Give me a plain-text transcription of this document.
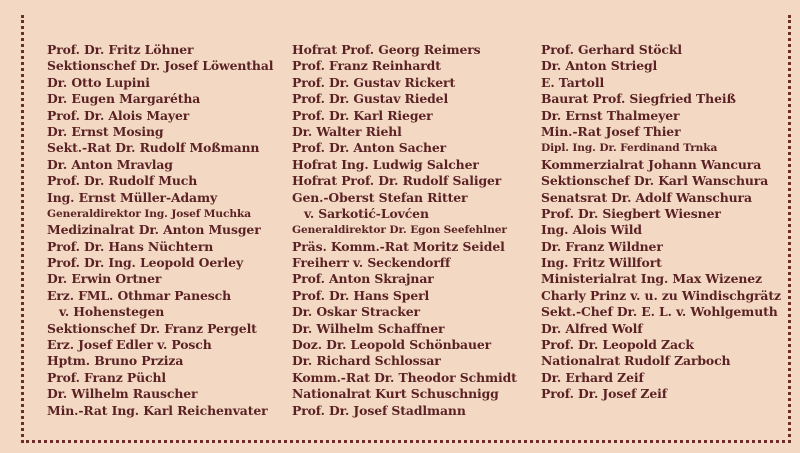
Prof. Dr. Fritz Löhner
Sektionschef Dr. Josef Löwenthal
Dr. Otto Lupini
Dr. Eugen Margarétha
Prof. Dr. Alois Mayer
Dr. Ernst Mosing
Sekt.-Rat Dr. Rudolf Moßmann
Dr. Anton Mravlag
Prof. Dr. Rudolf Much
Ing. Ernst Müller-Adamy
Generaldirektor Ing. Josef Muchka
Medizinalrat Dr. Anton Musger
Prof. Dr. Hans Nüchtern
Prof. Dr. Ing. Leopold Oerley
Dr. Erwin Ortner
Erz. FML. Othmar Panesch
v. Hohenstegen
Sektionschef Dr. Franz Pergelt
Erz. Josef Edler v. Posch
Hptm. Bruno Prziza
Prof. Franz Püchl
Dr. Wilhelm Rauscher
Min.-Rat Ing. Karl Reichenvater
Hofrat Prof. Georg Reimers
Prof. Franz Reinhardt
Prof. Dr. Gustav Rickert
Prof. Dr. Gustav Riedel
Prof. Dr. Karl Rieger
Dr. Walter Riehl
Prof. Dr. Anton Sacher
Hofrat Ing. Ludwig Salcher
Hofrat Prof. Dr. Rudolf Saliger
Gen.-Oberst Stefan Ritter
v. Sarkotić-Lovćen
Generaldirektor Dr. Egon Seefehlner
Präs. Komm.-Rat Moritz Seidel
Freiherr v. Seckendorff
Prof. Anton Skrajnar
Prof. Dr. Hans Sperl
Dr. Oskar Stracker
Dr. Wilhelm Schaffner
Doz. Dr. Leopold Schönbauer
Dr. Richard Schlossar
Komm.-Rat Dr. Theodor Schmidt
Nationalrat Kurt Schuschnigg
Prof. Dr. Josef Stadlmann
Prof. Gerhard Stöckl
Dr. Anton Striegl
E. Tartoll
Baurat Prof. Siegfried Theiß
Dr. Ernst Thalmeyer
Min.-Rat Josef Thier
Dipl. Ing. Dr. Ferdinand Trnka
Kommerzialrat Johann Wancura
Sektionschef Dr. Karl Wanschura
Senatsrat Dr. Adolf Wanschura
Prof. Dr. Siegbert Wiesner
Ing. Alois Wild
Dr. Franz Wildner
Ing. Fritz Willfort
Ministerialrat Ing. Max Wizenez
Charly Prinz v. u. zu Windischgrätz
Sekt.-Chef Dr. E. L. v. Wohlgemuth
Dr. Alfred Wolf
Prof. Dr. Leopold Zack
Nationalrat Rudolf Zarboch
Dr. Erhard Zeif
Prof. Dr. Josef Zeif
